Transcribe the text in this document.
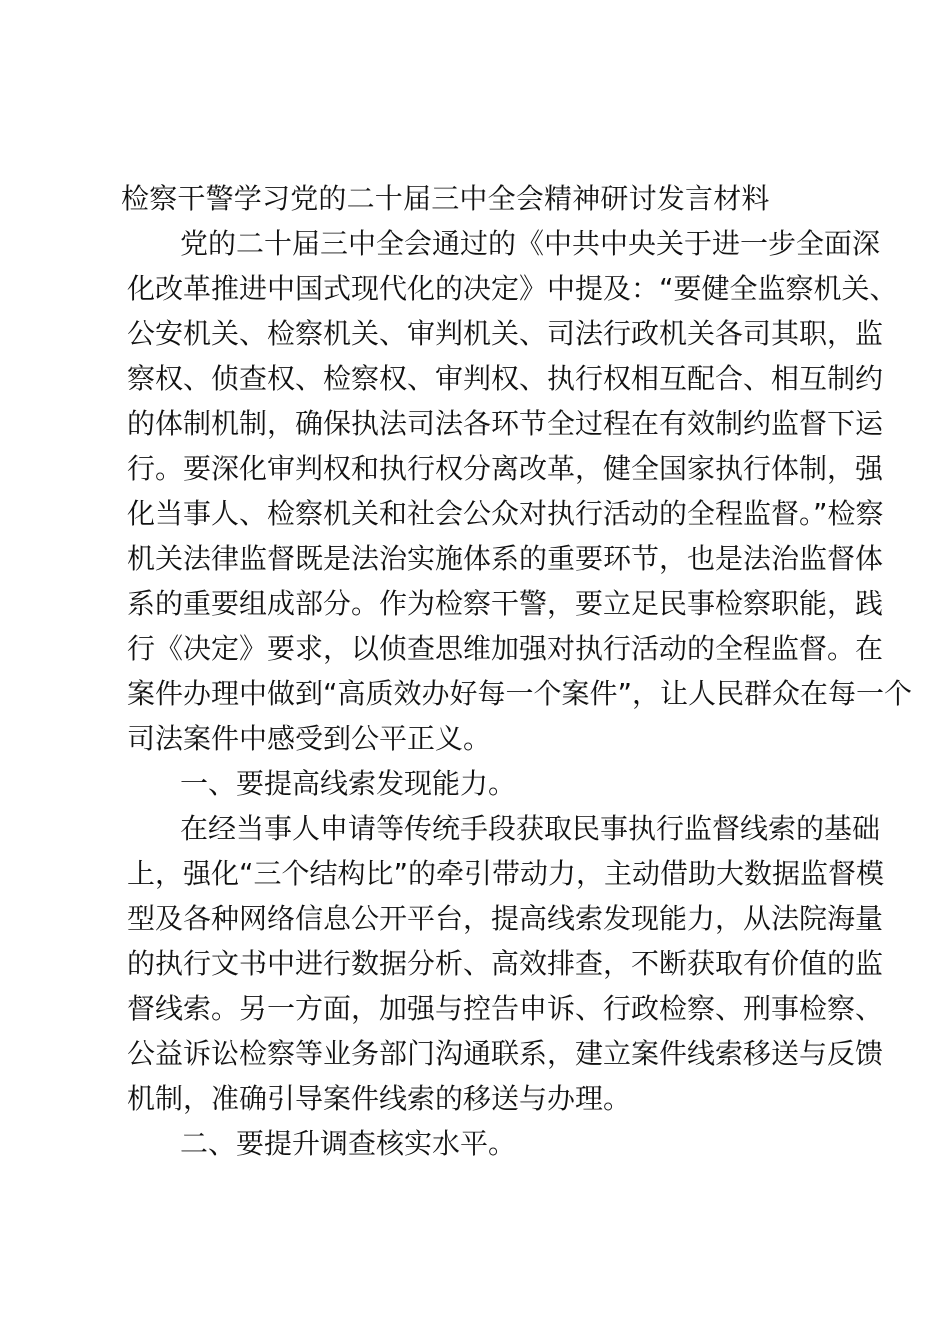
检察干警学习党的二十届三中全会精神研讨发言材料
党的二十届三中全会通过的《中共中央关于进一步全面深
化改革推进中国式现代化的决定》中提及：“要健全监察机关、
公安机关、检察机关、审判机关、司法行政机关各司其职，监
察权、侦查权、检察权、审判权、执行权相互配合、相互制约
的体制机制，确保执法司法各环节全过程在有效制约监督下运
行。要深化审判权和执行权分离改革，健全国家执行体制，强
化当事人、检察机关和社会公众对执行活动的全程监督。”检察
机关法律监督既是法治实施体系的重要环节，也是法治监督体
系的重要组成部分。作为检察干警，要立足民事检察职能，践
行《决定》要求，以侦查思维加强对执行活动的全程监督。在
案件办理中做到“高质效办好每一个案件”，让人民群众在每一个
司法案件中感受到公平正义。
一、要提高线索发现能力。
在经当事人申请等传统手段获取民事执行监督线索的基础
上，强化“三个结构比”的牵引带动力，主动借助大数据监督模
型及各种网络信息公开平台，提高线索发现能力，从法院海量
的执行文书中进行数据分析、高效排查，不断获取有价值的监
督线索。另一方面，加强与控告申诉、行政检察、刑事检察、
公益诉讼检察等业务部门沟通联系，建立案件线索移送与反馈
机制，准确引导案件线索的移送与办理。
二、要提升调查核实水平。
